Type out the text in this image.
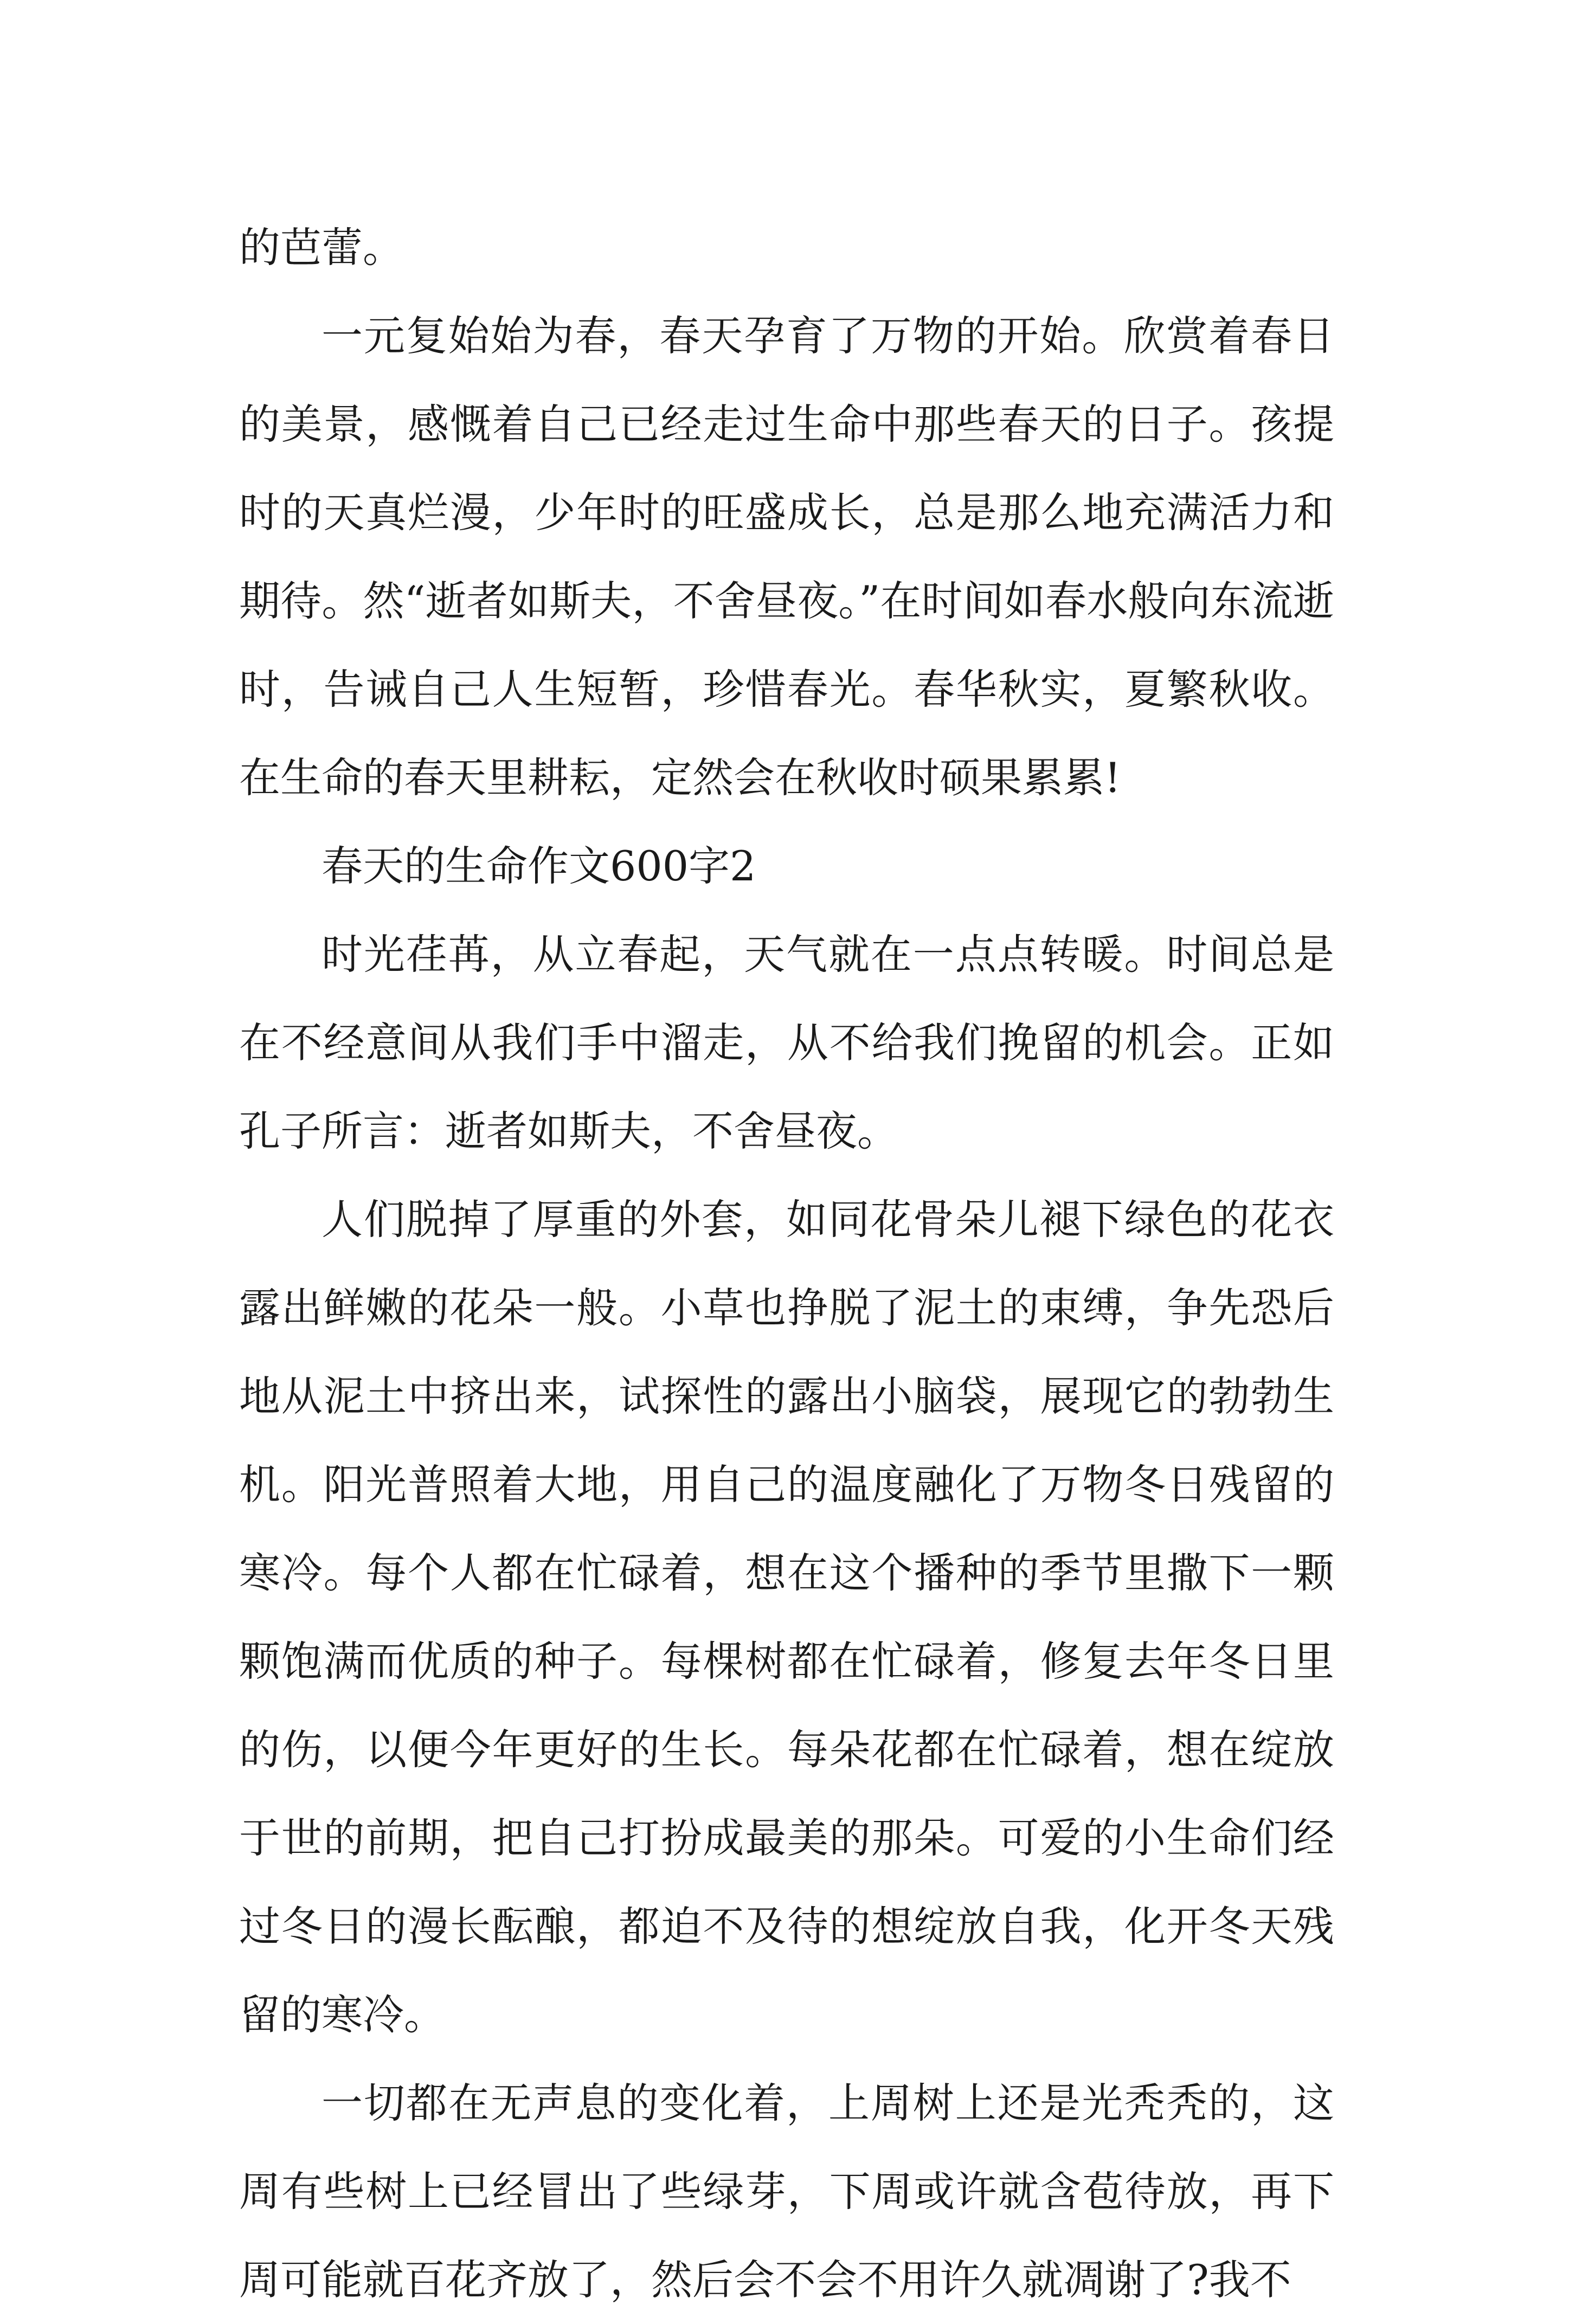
的芭蕾。

一元复始始为春，春天孕育了万物的开始。欣赏着春日的美景，感慨着自己已经走过生命中那些春天的日子。孩提时的天真烂漫，少年时的旺盛成长，总是那么地充满活力和期待。然“逝者如斯夫，不舍昼夜。”在时间如春水般向东流逝时，告诫自己人生短暂，珍惜春光。春华秋实，夏繁秋收。在生命的春天里耕耘，定然会在秋收时硕果累累!

春天的生命作文600字2

时光荏苒，从立春起，天气就在一点点转暖。时间总是在不经意间从我们手中溜走，从不给我们挽留的机会。正如孔子所言：逝者如斯夫，不舍昼夜。

人们脱掉了厚重的外套，如同花骨朵儿褪下绿色的花衣露出鲜嫩的花朵一般。小草也挣脱了泥土的束缚，争先恐后地从泥土中挤出来，试探性的露出小脑袋，展现它的勃勃生机。阳光普照着大地，用自己的温度融化了万物冬日残留的寒冷。每个人都在忙碌着，想在这个播种的季节里撒下一颗颗饱满而优质的种子。每棵树都在忙碌着，修复去年冬日里的伤，以便今年更好的生长。每朵花都在忙碌着，想在绽放于世的前期，把自己打扮成最美的那朵。可爱的小生命们经过冬日的漫长酝酿，都迫不及待的想绽放自我，化开冬天残留的寒冷。

一切都在无声息的变化着，上周树上还是光秃秃的，这周有些树上已经冒出了些绿芽，下周或许就含苞待放，再下周可能就百花齐放了，然后会不会不用许久就凋谢了?我不
